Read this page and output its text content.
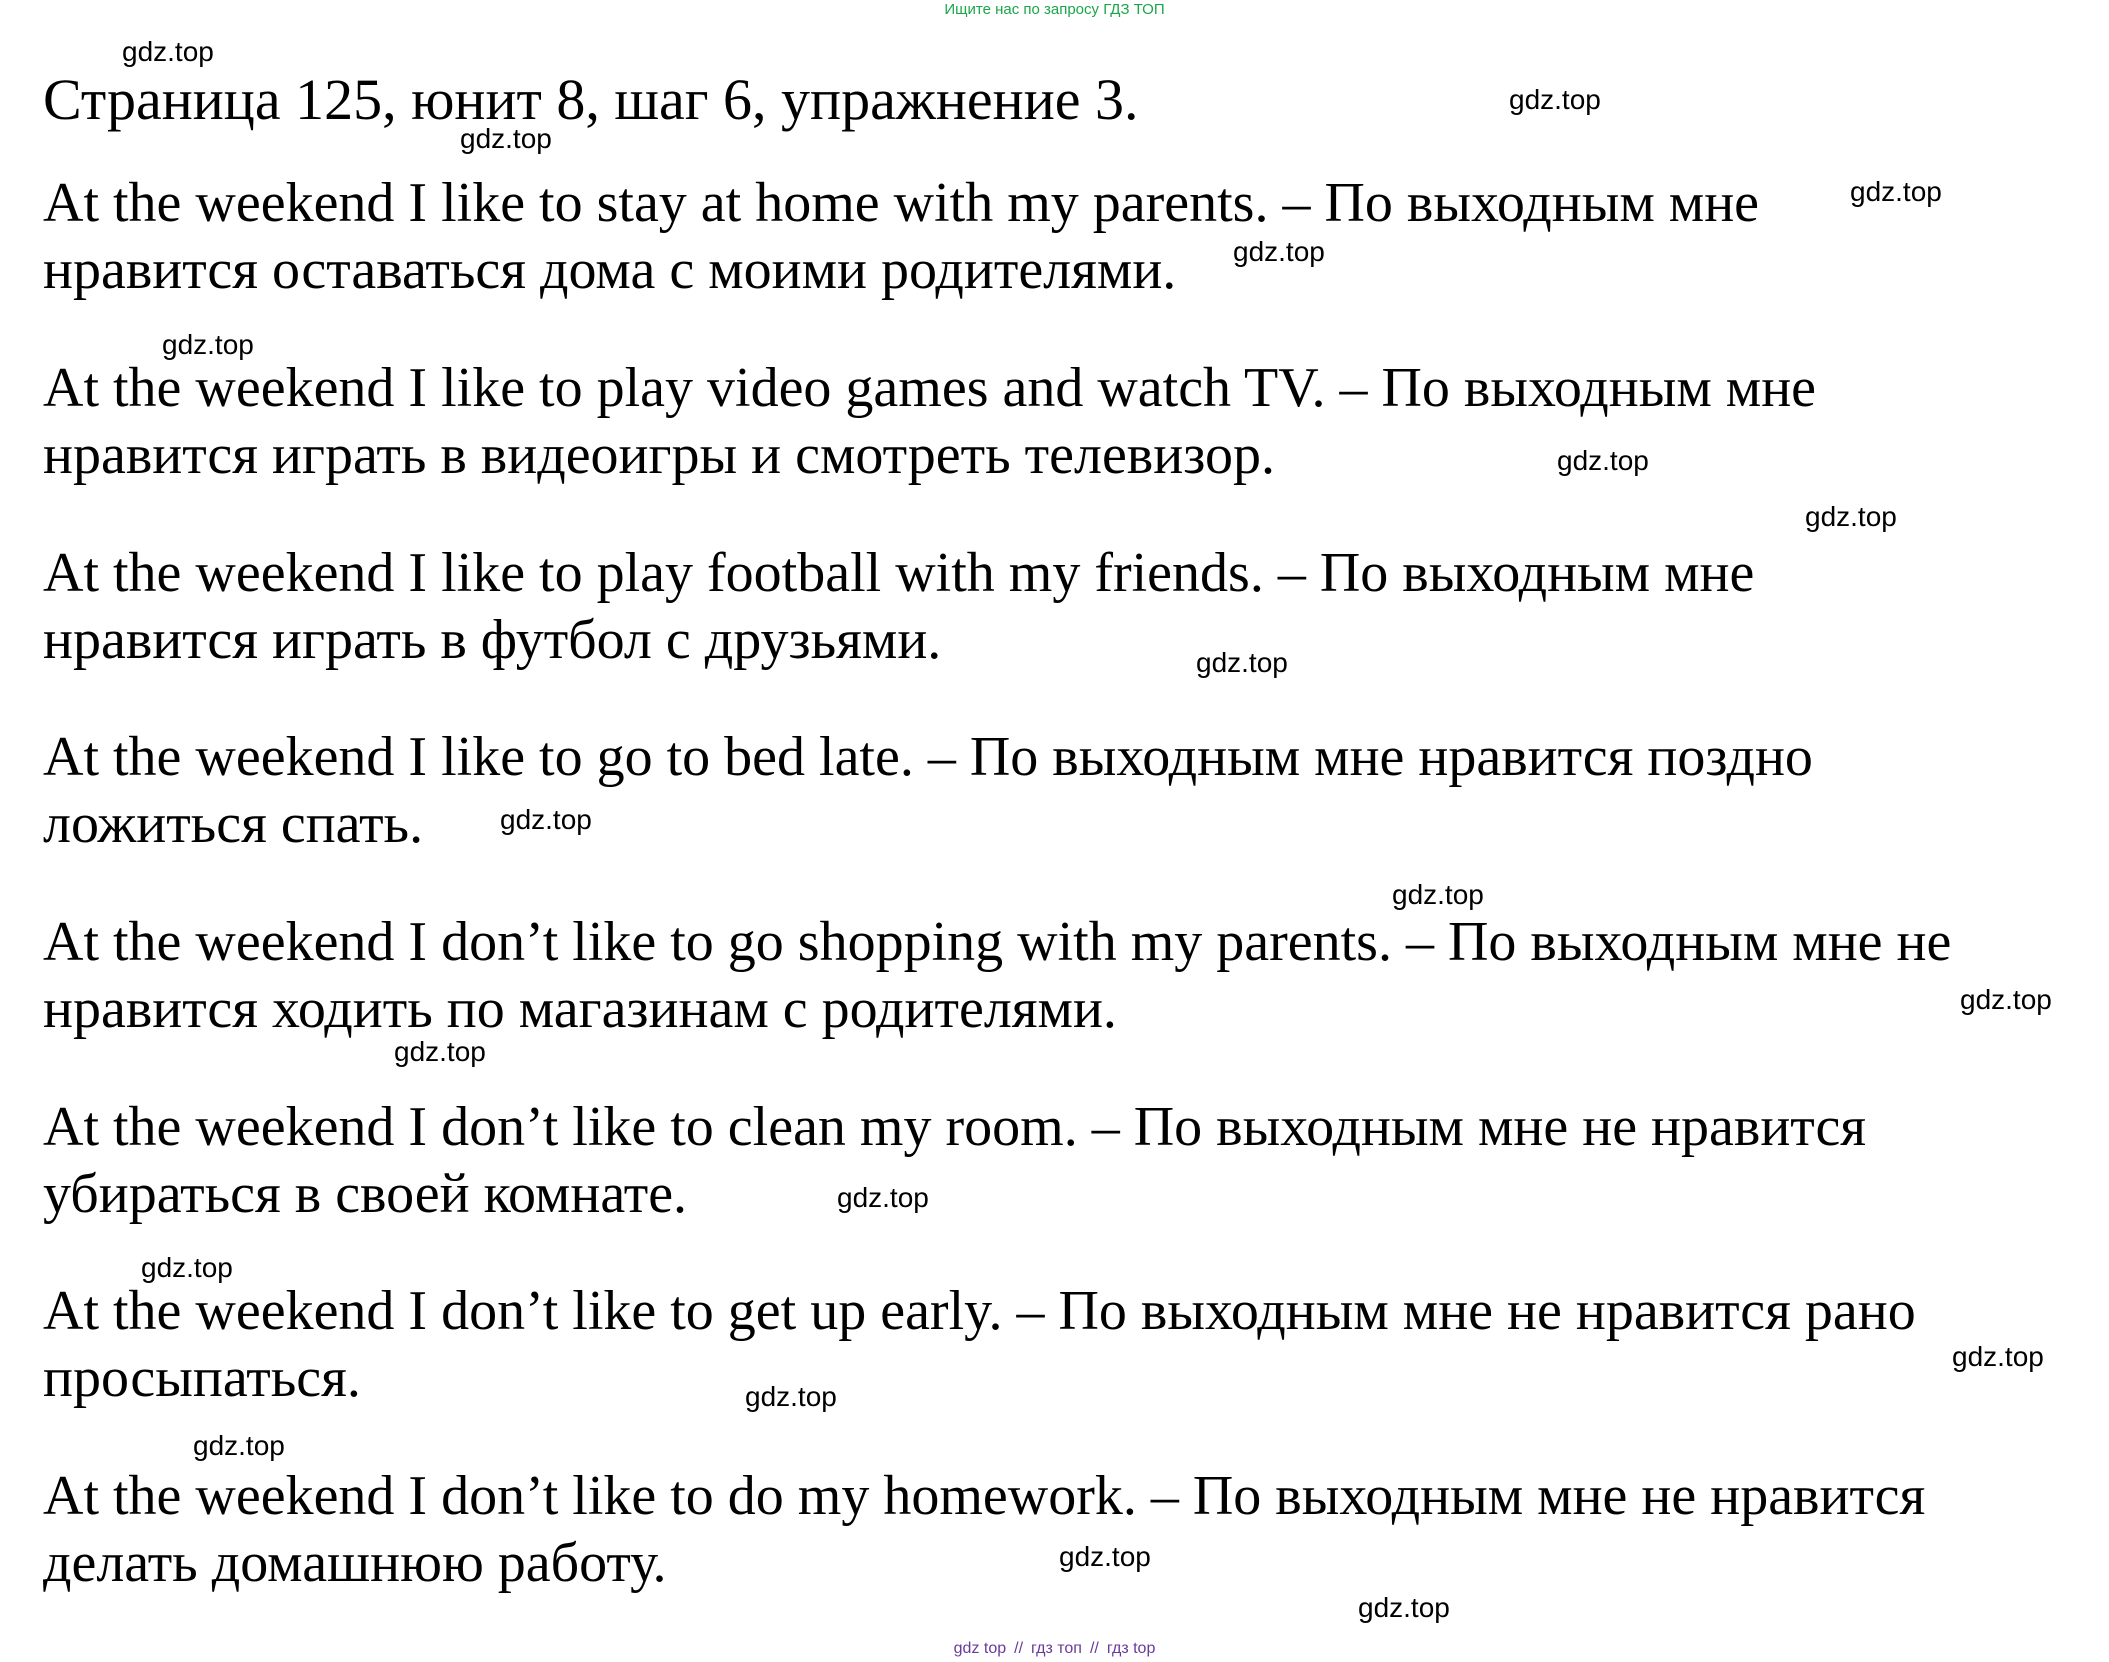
Ищите нас по запросу ГДЗ ТОП
Страница 125, юнит 8, шаг 6, упражнение 3.
At the weekend I like to stay at home with my parents. – По выходным мне
нравится оставаться дома с моими родителями.
At the weekend I like to play video games and watch TV. – По выходным мне
нравится играть в видеоигры и смотреть телевизор.
At the weekend I like to play football with my friends. – По выходным мне
нравится играть в футбол с друзьями.
At the weekend I like to go to bed late. – По выходным мне нравится поздно
ложиться спать.
At the weekend I don’t like to go shopping with my parents. – По выходным мне не
нравится ходить по магазинам с родителями.
At the weekend I don’t like to clean my room. – По выходным мне не нравится
убираться в своей комнате.
At the weekend I don’t like to get up early. – По выходным мне не нравится рано
просыпаться.
At the weekend I don’t like to do my homework. – По выходным мне не нравится
делать домашнюю работу.
gdz.top
gdz.top
gdz.top
gdz.top
gdz.top
gdz.top
gdz.top
gdz.top
gdz.top
gdz.top
gdz.top
gdz.top
gdz.top
gdz.top
gdz.top
gdz.top
gdz.top
gdz.top
gdz.top
gdz.top
gdz top // гдз топ // гдз top
